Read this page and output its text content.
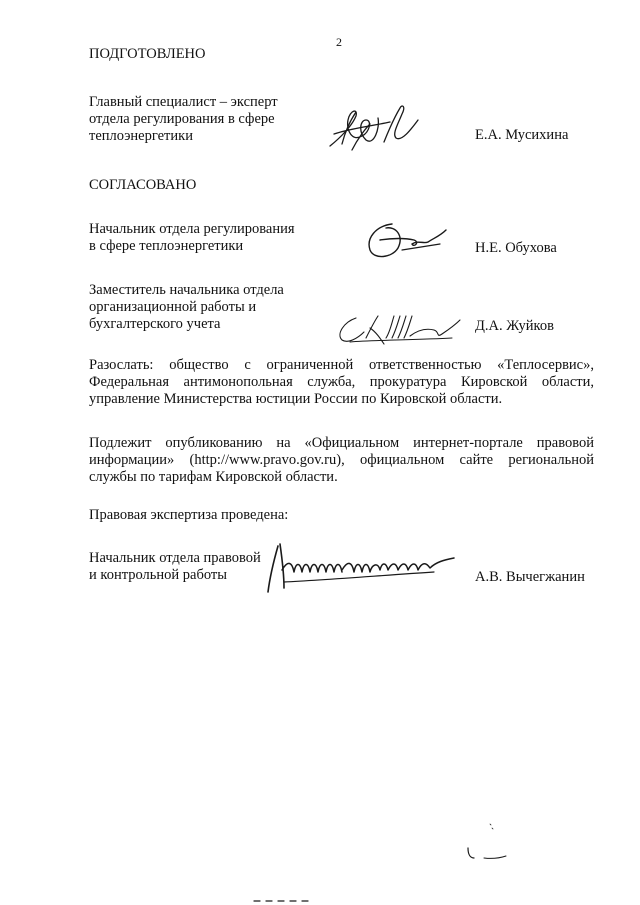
2
ПОДГОТОВЛЕНО
Главный специалист – эксперт
отдела регулирования в сфере
теплоэнергетики	Е.А. Мусихина
СОГЛАСОВАНО
Начальник отдела регулирования
в сфере теплоэнергетики	Н.Е. Обухова
Заместитель начальника отдела
организационной работы и
бухгалтерского учета	Д.А. Жуйков
Разослать: общество с ограниченной ответственностью «Теплосервис»,
Федеральная антимонопольная служба, прокуратура Кировской области,
управление Министерства юстиции России по Кировской области.
Подлежит опубликованию на «Официальном интернет-портале правовой
информации» (http://www.pravo.gov.ru), официальном сайте региональной
службы по тарифам Кировской области.
Правовая экспертиза проведена:
Начальник отдела правовой
и контрольной работы	А.В. Вычегжанин
